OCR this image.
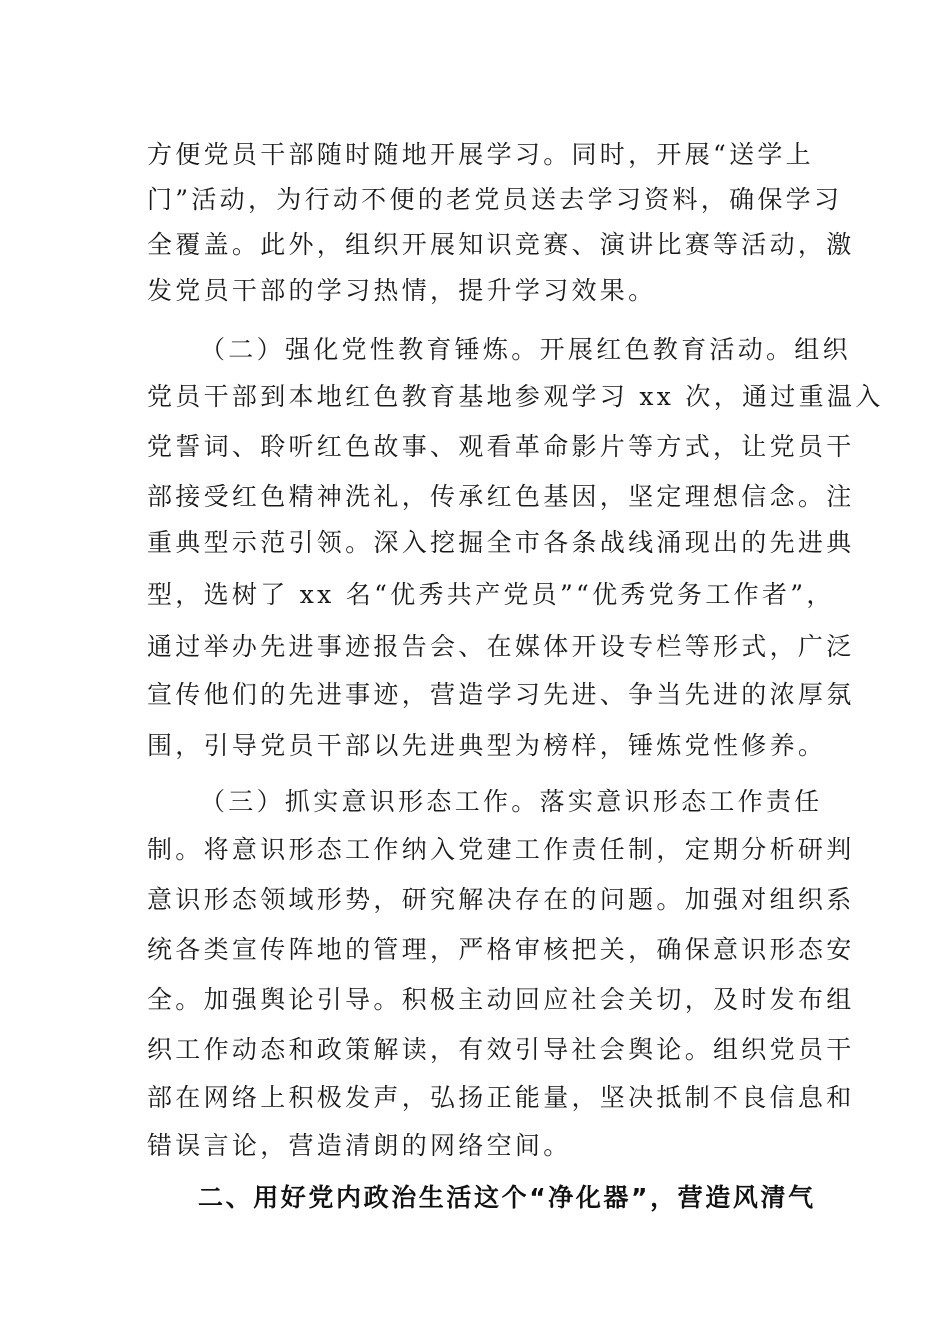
方便党员干部随时随地开展学习。同时，开展“送学上
门”活动，为行动不便的老党员送去学习资料，确保学习
全覆盖。此外，组织开展知识竞赛、演讲比赛等活动，激
发党员干部的学习热情，提升学习效果。
（二）强化党性教育锤炼。开展红色教育活动。组织
党员干部到本地红色教育基地参观学习 xx 次，通过重温入
党誓词、聆听红色故事、观看革命影片等方式，让党员干
部接受红色精神洗礼，传承红色基因，坚定理想信念。注
重典型示范引领。深入挖掘全市各条战线涌现出的先进典
型，选树了 xx 名“优秀共产党员”“优秀党务工作者”，
通过举办先进事迹报告会、在媒体开设专栏等形式，广泛
宣传他们的先进事迹，营造学习先进、争当先进的浓厚氛
围，引导党员干部以先进典型为榜样，锤炼党性修养。
（三）抓实意识形态工作。落实意识形态工作责任
制。将意识形态工作纳入党建工作责任制，定期分析研判
意识形态领域形势，研究解决存在的问题。加强对组织系
统各类宣传阵地的管理，严格审核把关，确保意识形态安
全。加强舆论引导。积极主动回应社会关切，及时发布组
织工作动态和政策解读，有效引导社会舆论。组织党员干
部在网络上积极发声，弘扬正能量，坚决抵制不良信息和
错误言论，营造清朗的网络空间。
二、用好党内政治生活这个“净化器”，营造风清气
